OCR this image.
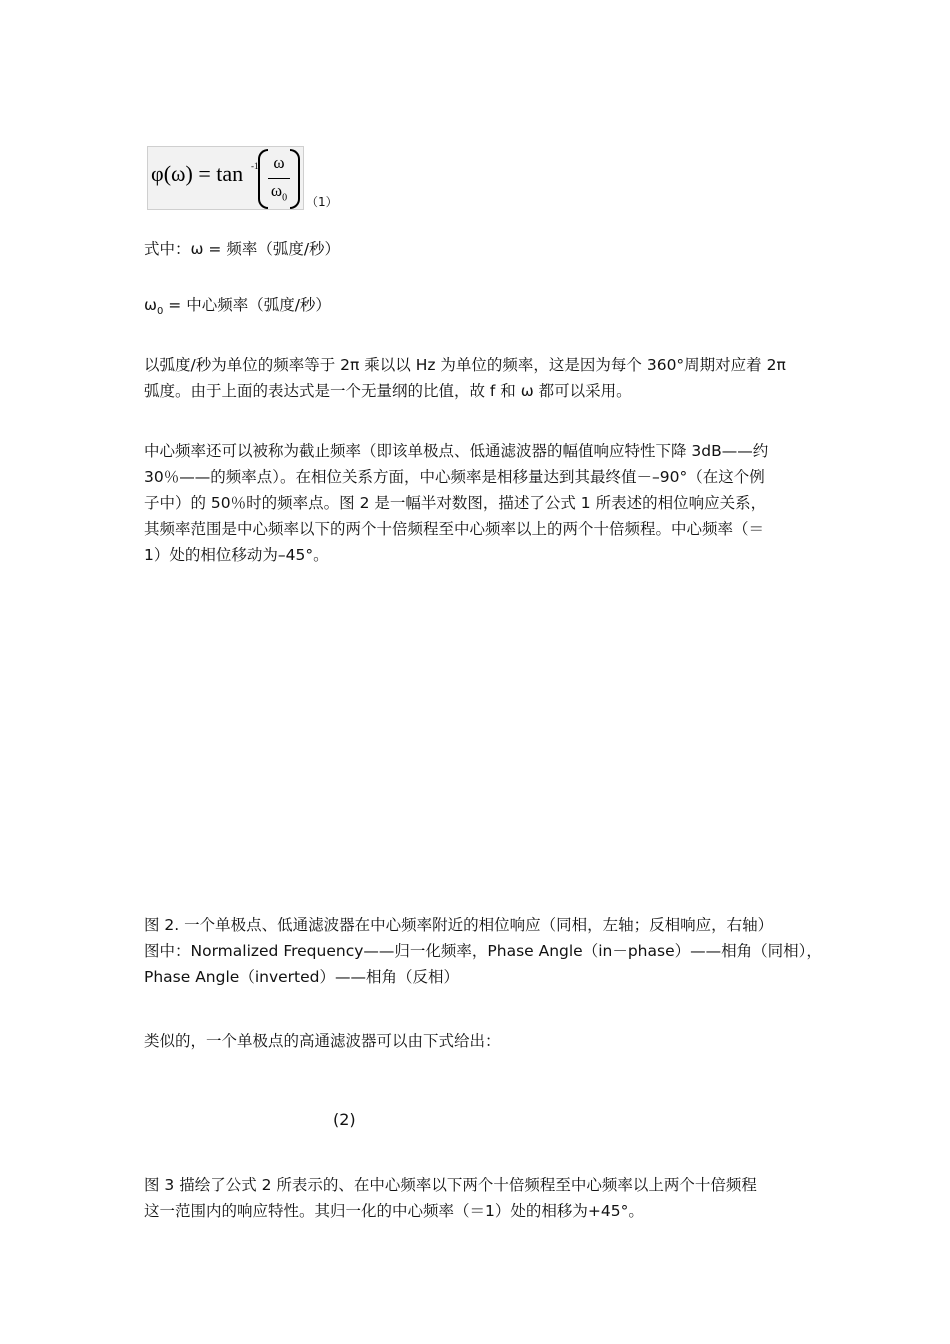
φ(ω) = tan -1 ω
$\omega_0$	（1）
式中：ω = 频率（弧度/秒）
$\omega_0$ = 中心频率（弧度/秒）
以弧度/秒为单位的频率等于 2π 乘以以 Hz 为单位的频率，这是因为每个 360°周期对应着 2π
弧度。由于上面的表达式是一个无量纲的比值，故 f 和 ω 都可以采用。
中心频率还可以被称为截止频率（即该单极点、低通滤波器的幅值响应特性下降 3dB——约
30％——的频率点）。在相位关系方面，中心频率是相移量达到其最终值－–90°（在这个例
子中）的 50％时的频率点。图 2 是一幅半对数图，描述了公式 1 所表述的相位响应关系，
其频率范围是中心频率以下的两个十倍频程至中心频率以上的两个十倍频程。中心频率（＝
1）处的相位移动为–45°。
图 2. 一个单极点、低通滤波器在中心频率附近的相位响应（同相，左轴；反相响应，右轴）
图中：Normalized Frequency——归一化频率，Phase Angle（in－phase）——相角（同相），
Phase Angle（inverted）——相角（反相）
类似的，一个单极点的高通滤波器可以由下式给出：
(2)
图 3 描绘了公式 2 所表示的、在中心频率以下两个十倍频程至中心频率以上两个十倍频程
这一范围内的响应特性。其归一化的中心频率（＝1）处的相移为+45°。
